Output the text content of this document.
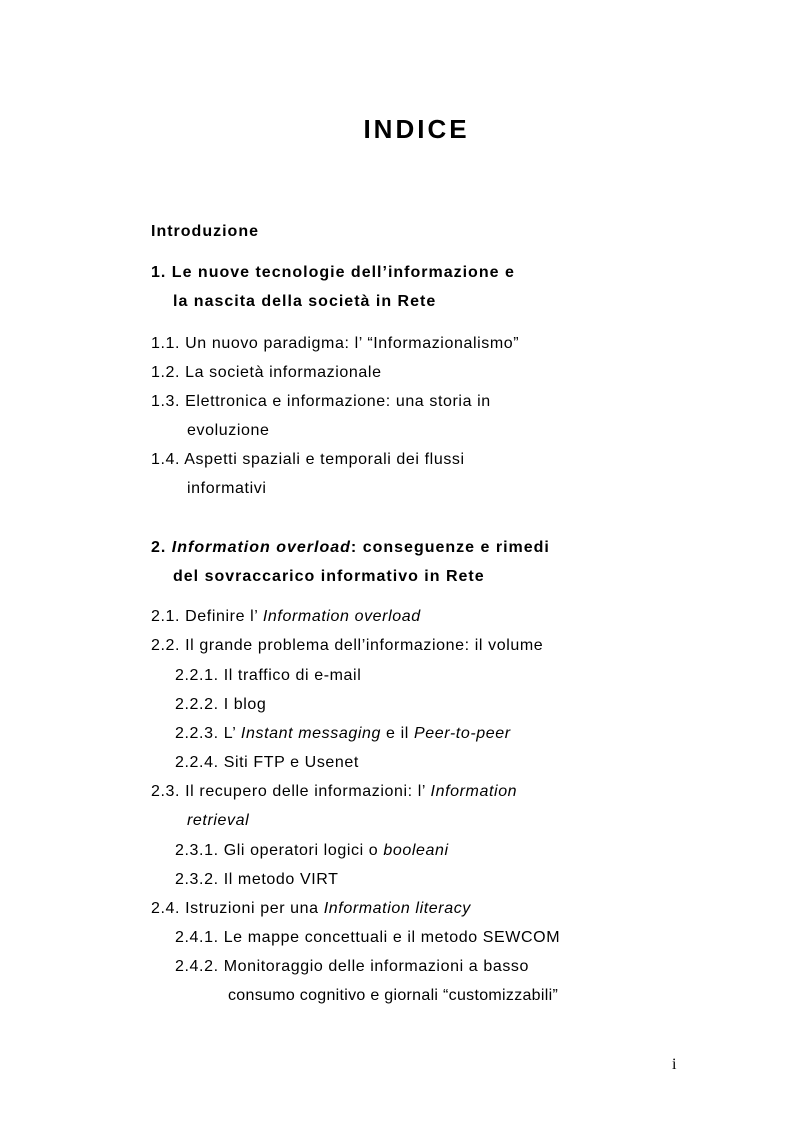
INDICE
Introduzione
1. Le nuove tecnologie dell’informazione e
la nascita della società in Rete
1.1. Un nuovo paradigma: l’ “Informazionalismo”
1.2. La società informazionale
1.3. Elettronica e informazione: una storia in
evoluzione
1.4. Aspetti spaziali e temporali dei flussi
informativi
2. Information overload: conseguenze e rimedi
del sovraccarico informativo in Rete
2.1. Definire l’ Information overload
2.2. Il grande problema dell’informazione: il volume
2.2.1. Il traffico di e-mail
2.2.2. I blog
2.2.3. L’ Instant messaging e il Peer-to-peer
2.2.4. Siti FTP e Usenet
2.3. Il recupero delle informazioni: l’ Information
retrieval
2.3.1. Gli operatori logici o booleani
2.3.2. Il metodo VIRT
2.4. Istruzioni per una Information literacy
2.4.1. Le mappe concettuali e il metodo SEWCOM
2.4.2. Monitoraggio delle informazioni a basso
consumo cognitivo e giornali “customizzabili”
i
